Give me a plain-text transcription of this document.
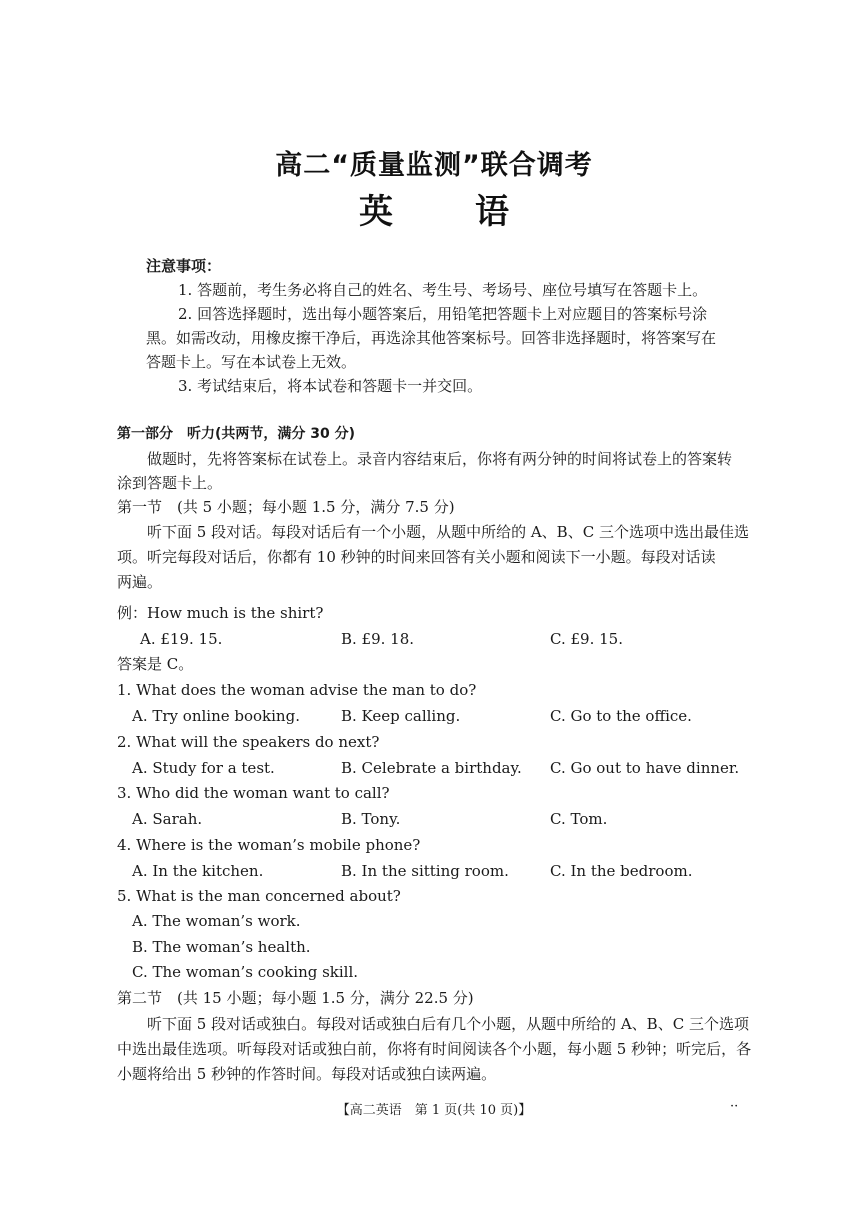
高二“质量监测”联合调考
英 语
注意事项：
1. 答题前，考生务必将自己的姓名、考生号、考场号、座位号填写在答题卡上。
2. 回答选择题时，选出每小题答案后，用铅笔把答题卡上对应题目的答案标号涂
黑。如需改动，用橡皮擦干净后，再选涂其他答案标号。回答非选择题时，将答案写在
答题卡上。写在本试卷上无效。
3. 考试结束后，将本试卷和答题卡一并交回。
第一部分　听力(共两节，满分 30 分)
做题时，先将答案标在试卷上。录音内容结束后，你将有两分钟的时间将试卷上的答案转
涂到答题卡上。
第一节　(共 5 小题；每小题 1.5 分，满分 7.5 分)
听下面 5 段对话。每段对话后有一个小题，从题中所给的 A、B、C 三个选项中选出最佳选
项。听完每段对话后，你都有 10 秒钟的时间来回答有关小题和阅读下一小题。每段对话读
两遍。
例：How much is the shirt?
A. £19. 15.	B. £9. 18.	C. £9. 15.
答案是 C。
1. What does the woman advise the man to do?
A. Try online booking.	B. Keep calling.	C. Go to the office.
2. What will the speakers do next?
A. Study for a test.	B. Celebrate a birthday. C. Go out to have dinner.
3. Who did the woman want to call?
A. Sarah.	B. Tony.	C. Tom.
4. Where is the woman’s mobile phone?
A. In the kitchen.	B. In the sitting room.	C. In the bedroom.
5. What is the man concerned about?
A. The woman’s work.
B. The woman’s health.
C. The woman’s cooking skill.
第二节　(共 15 小题；每小题 1.5 分，满分 22.5 分)
听下面 5 段对话或独白。每段对话或独白后有几个小题，从题中所给的 A、B、C 三个选项
中选出最佳选项。听每段对话或独白前，你将有时间阅读各个小题，每小题 5 秒钟；听完后，各
小题将给出 5 秒钟的作答时间。每段对话或独白读两遍。
【高二英语　第 1 页(共 10 页)】	··
